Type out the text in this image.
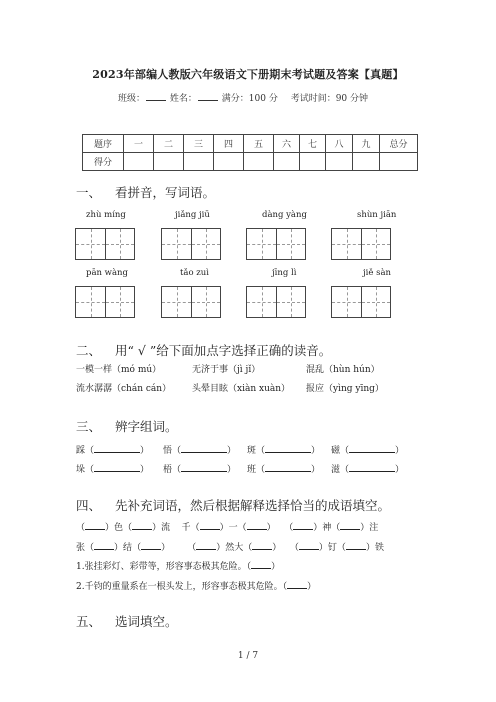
2023年部编人教版六年级语文下册期末考试题及答案【真题】
班级：	姓名：	满分：100 分 考试时间：90 分钟
题序	一	二	三	四	五	六	七	八	九	总分
得分										
一、 看拼音，写词语。
zhù míng	jiǎng jiū	dàng yàng	shùn jiān
pān wàng	tǎo zuì	jīng lì	jiě sàn
二、 用“ √ ”给下面加点字选择正确的读音。
一模一样（mó mú）	无济于事（jì jǐ）	混乱（hùn hún）
流水潺潺（chán cán） 头晕目眩（xiàn xuàn） 报应（yìng yīng）
三、 辨字组词。
踩（	） 悟（	） 斑（	） 磁（	）
垛（	） 梧（	） 班（	） 滋（	）
四、 先补充词语，然后根据解释选择恰当的成语填空。
（ ）色（ ）流 千（ ）一（ ）   （ ）神（ ）注
张（ ）结（ ）      （ ）然大（ ）   （ ）钉（ ）铁
1.张挂彩灯、彩带等，形容事态极其危险。（ ）
2.千钧的重量系在一根头发上，形容事态极其危险。（ ）
五、 选词填空。
1 / 7
